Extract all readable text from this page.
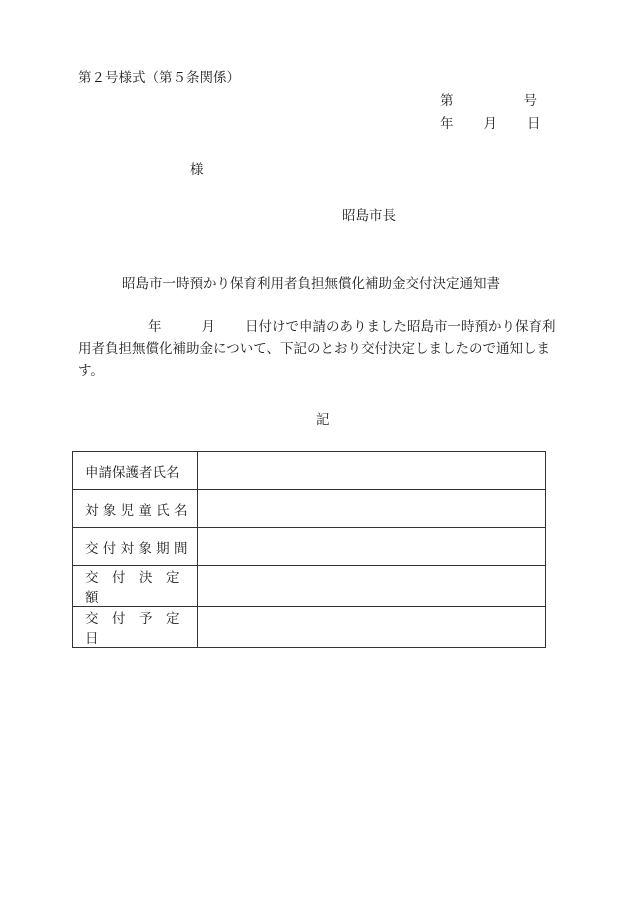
第２号様式（第５条関係）
第	号
年 月 日
様
昭島市長
昭島市一時預かり保育利用者負担無償化補助金交付決定通知書
年	月 日付けで申請のありました昭島市一時預かり保育利用者負担無償化補助金について、下記のとおり交付決定しましたので通知します。
記
申請保護者氏名	
対 象 児 童 氏 名	
交 付 対 象 期 間	
交　付　決　定　額	
交　付　予　定　日	
